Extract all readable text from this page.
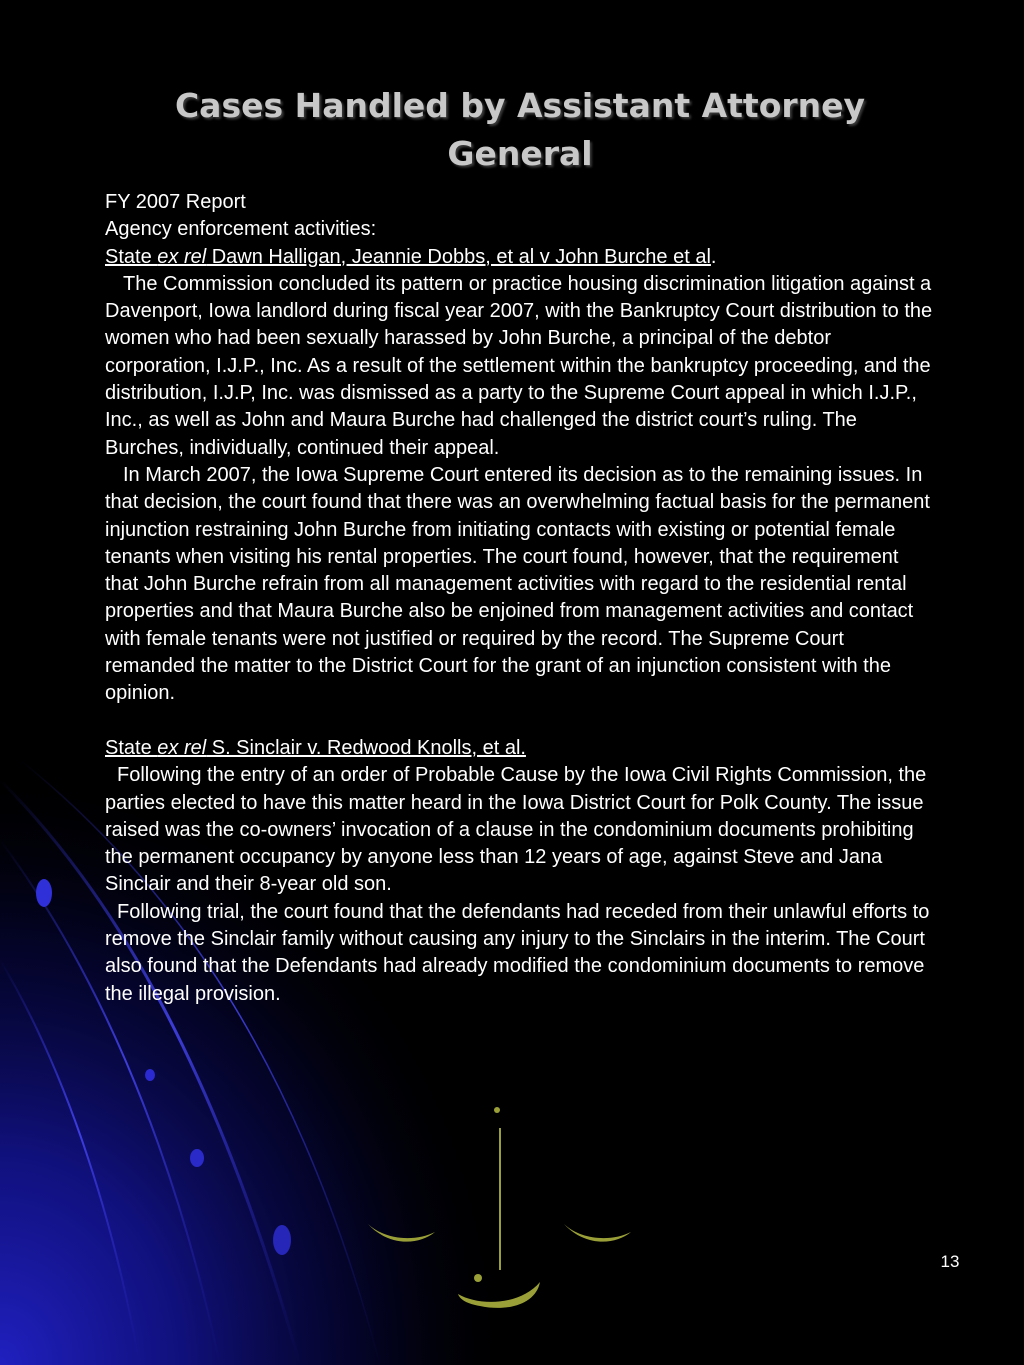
Cases Handled by Assistant Attorney
General

FY 2007 Report

Agency enforcement activities:

State ex rel Dawn Halligan, Jeannie Dobbs, et al v John Burche et al.

The Commission concluded its pattern or practice housing discrimination litigation against a Davenport, Iowa landlord during fiscal year 2007, with the Bankruptcy Court distribution to the women who had been sexually harassed by John Burche, a principal of the debtor corporation, I.J.P., Inc. As a result of the settlement within the bankruptcy proceeding, and the distribution, I.J.P, Inc. was dismissed as a party to the Supreme Court appeal in which I.J.P., Inc., as well as John and Maura Burche had challenged the district court’s ruling. The Burches, individually, continued their appeal.

In March 2007, the Iowa Supreme Court entered its decision as to the remaining issues. In that decision, the court found that there was an overwhelming factual basis for the permanent injunction restraining John Burche from initiating contacts with existing or potential female tenants when visiting his rental properties. The court found, however, that the requirement that John Burche refrain from all management activities with regard to the residential rental properties and that Maura Burche also be enjoined from management activities and contact with female tenants were not justified or required by the record. The Supreme Court remanded the matter to the District Court for the grant of an injunction consistent with the opinion.

State ex rel S. Sinclair v. Redwood Knolls, et al.

Following the entry of an order of Probable Cause by the Iowa Civil Rights Commission, the parties elected to have this matter heard in the Iowa District Court for Polk County. The issue raised was the co-owners’ invocation of a clause in the condominium documents prohibiting the permanent occupancy by anyone less than 12 years of age, against Steve and Jana Sinclair and their 8-year old son.

Following trial, the court found that the defendants had receded from their unlawful efforts to remove the Sinclair family without causing any injury to the Sinclairs in the interim. The Court also found that the Defendants had already modified the condominium documents to remove the illegal provision.

13
